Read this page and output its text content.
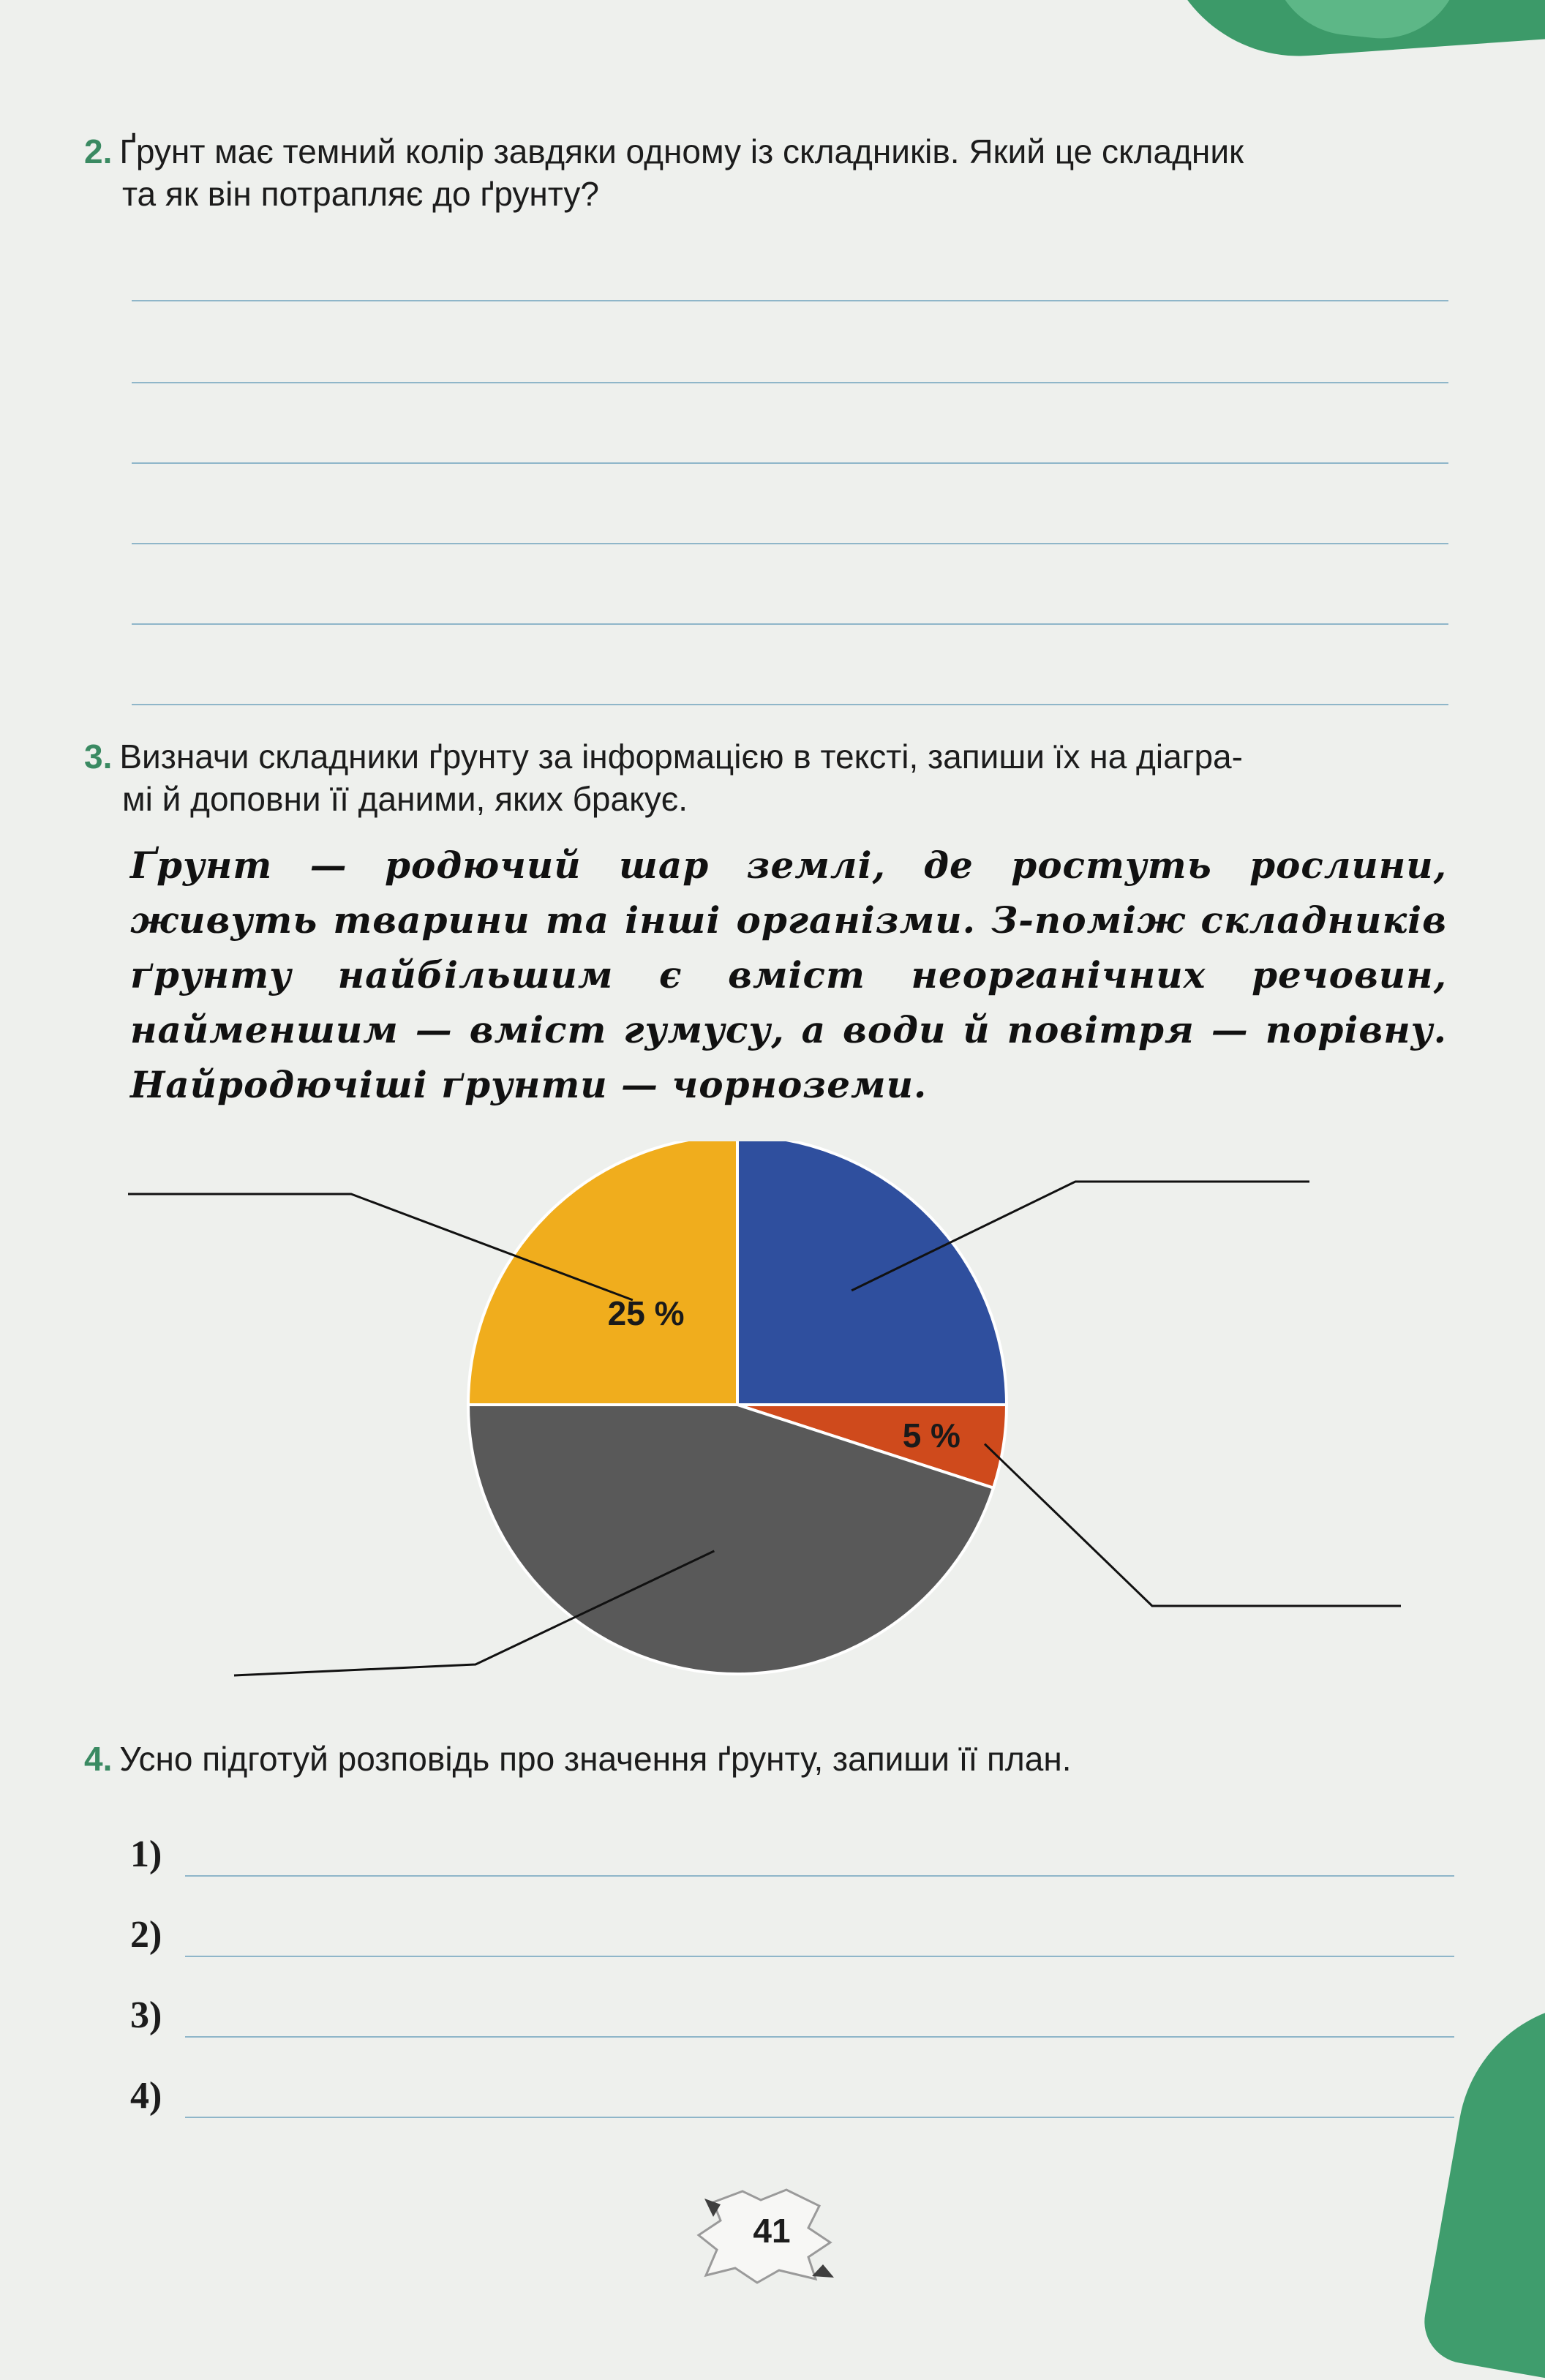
2. Ґрунт має темний колір завдяки одному із складників. Який це складник
та як він потрапляє до ґрунту?
3. Визначи складники ґрунту за інформацією в тексті, запиши їх на діагра-
мі й доповни її даними, яких бракує.
Ґрунт — родючий шар землі, де ростуть рослини, живуть тварини та інші організми. З-поміж складників ґрунту найбільшим є вміст неорганічних речовин, найменшим — вміст гумусу, а води й повітря — порівну. Найродючіші ґрунти — чорноземи.
5 %
25 %
4. Усно підготуй розповідь про значення ґрунту, запиши її план.
1)
2)
3)
4)
41
